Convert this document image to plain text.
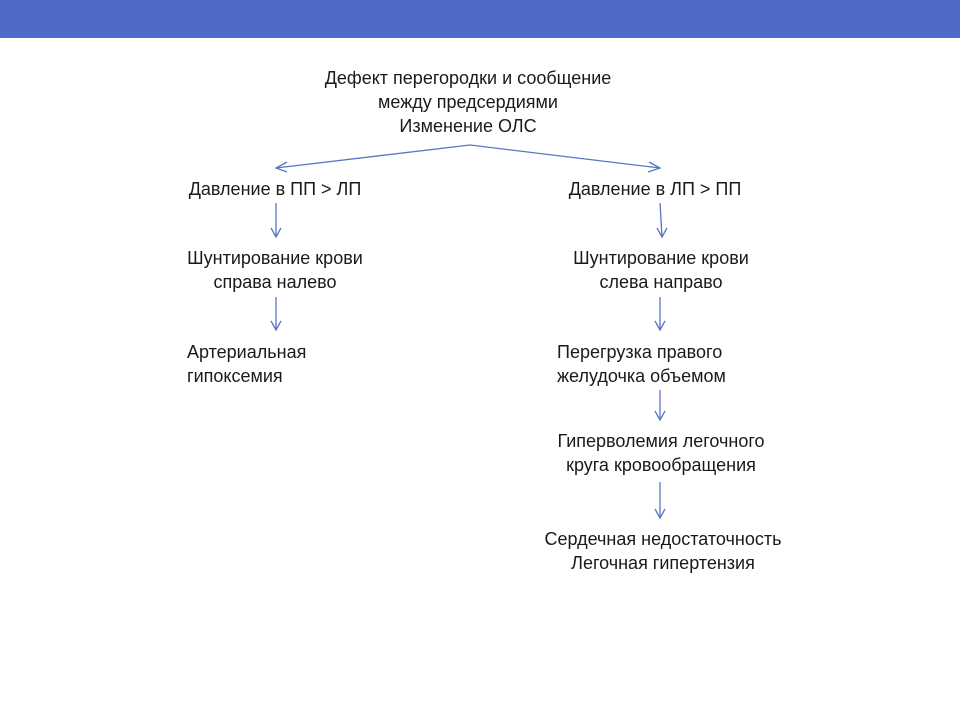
Дефект перегородки и сообщение
между предсердиями
Изменение ОЛС
Давление в ПП > ЛП
Шунтирование крови
справа налево
Артериальная
гипоксемия
Давление в ЛП > ПП
Шунтирование крови
слева направо
Перегрузка правого
желудочка объемом
Гиперволемия легочного
круга кровообращения
Сердечная недостаточность
Легочная гипертензия
